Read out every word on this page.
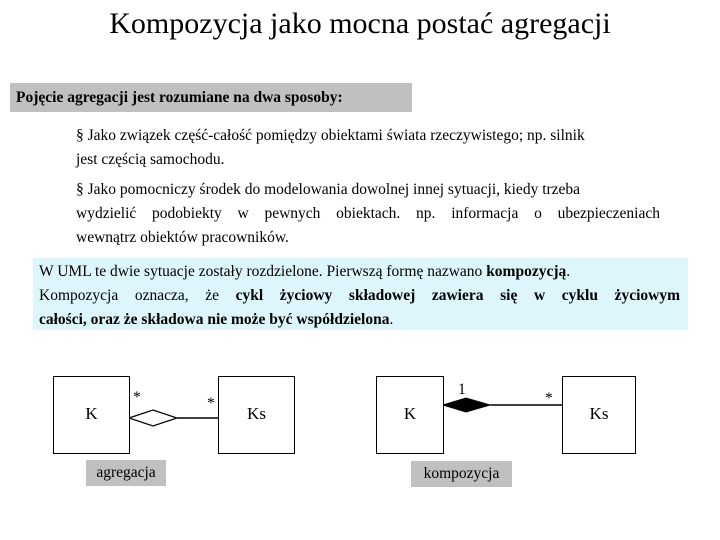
Kompozycja jako mocna postać agregacji
Pojęcie agregacji jest rozumiane na dwa sposoby:
§ Jako związek część-całość pomiędzy obiektami świata rzeczywistego; np. silnik
jest częścią samochodu.
§ Jako pomocniczy środek do modelowania dowolnej innej sytuacji, kiedy trzeba
wydzielić podobiekty w pewnych obiektach. np. informacja o ubezpieczeniach
wewnątrz obiektów pracowników.
W UML te dwie sytuacje zostały rozdzielone. Pierwszą formę nazwano kompozycją.
Kompozycja oznacza, że cykl życiowy składowej zawiera się w cyklu życiowym
całości, oraz że składowa nie może być współdzielona.
K	Ks
*	*
agregacja
K	Ks
1
*
kompozycja
